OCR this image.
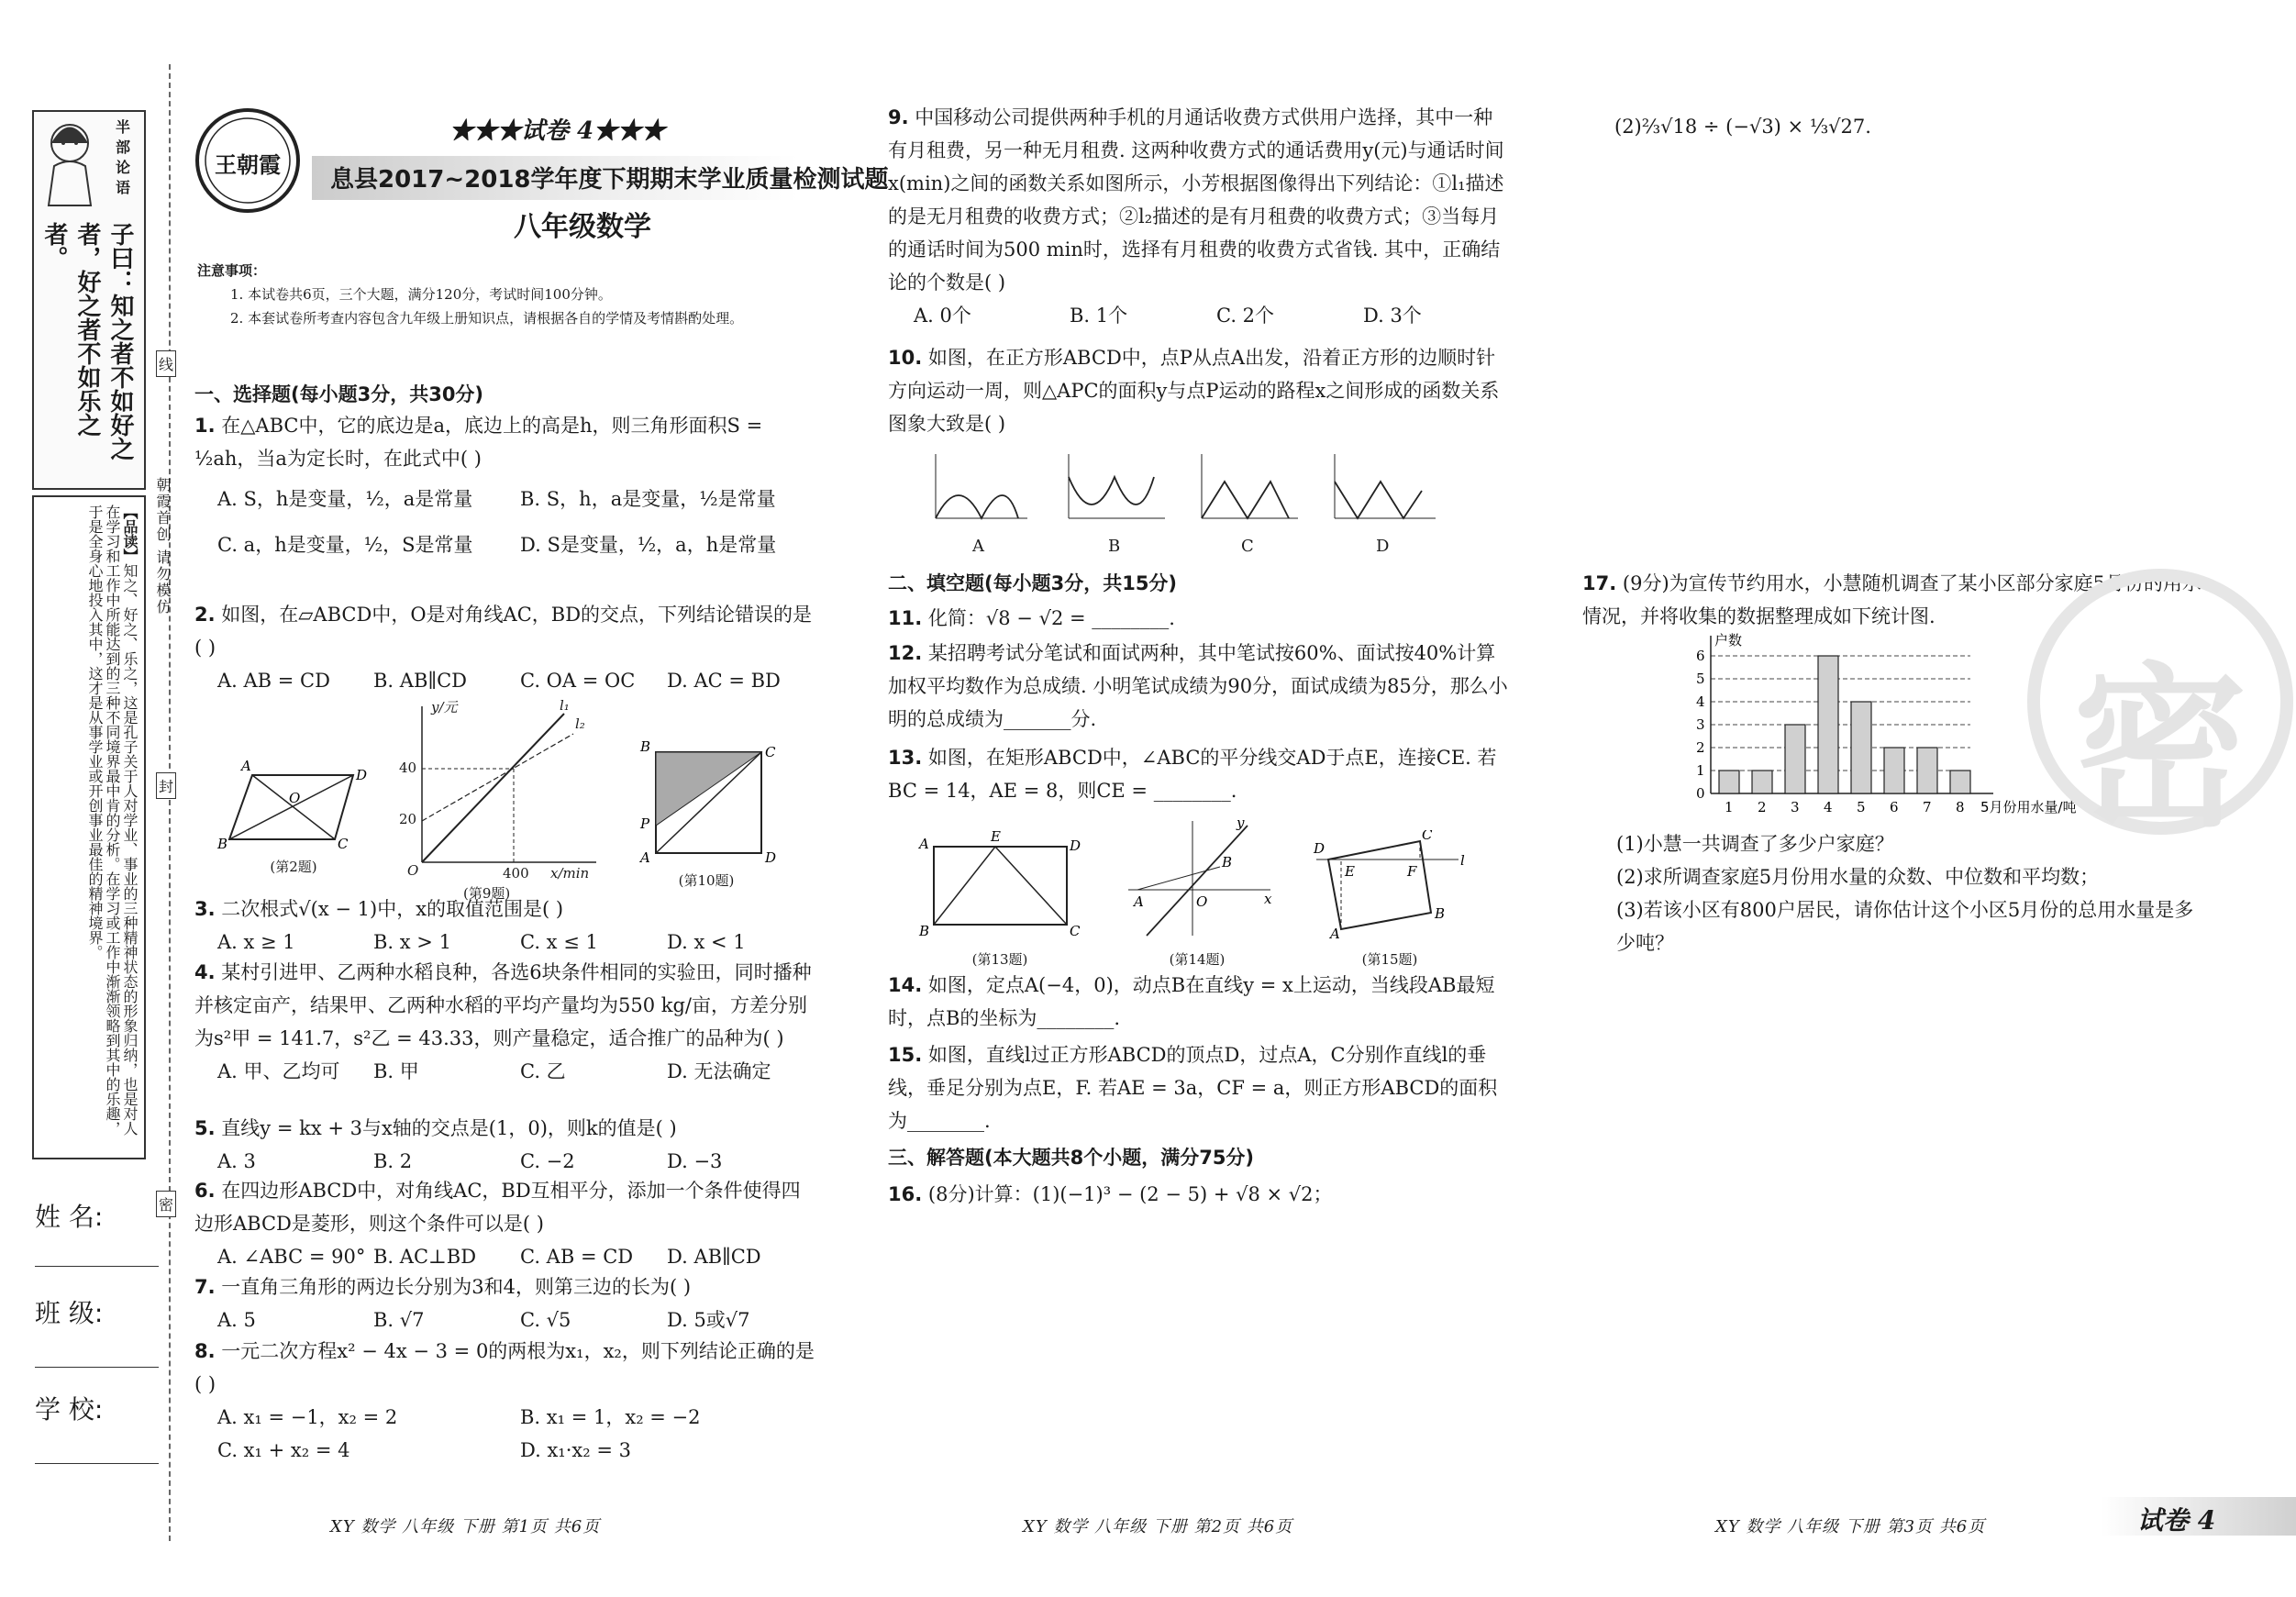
半
部
论
语
子曰：知之者不如好之者，好之者不如乐之者。
【品读】知之、好之、乐之，这是孔子关于人对学业、事业的三种精神状态的形象归纳，也是对人在学习和工作中所能达到的三种不同境界最中肯的分析。在学习或工作中渐渐领略到其中的乐趣，于是全身心地投入其中，这才是从事学业或开创事业最佳的精神境界。
线
封
密
朝霞首创 请勿模仿
姓 名:
班 级:
学 校:
王朝霞
★★★试卷 4★★★
息县2017~2018学年度下期期末学业质量检测试题
八年级数学
注意事项：
1. 本试卷共6页，三个大题，满分120分，考试时间100分钟。
2. 本套试卷所考查内容包含九年级上册知识点，请根据各自的学情及考情斟酌处理。
一、选择题(每小题3分，共30分)
1. 在△ABC中，它的底边是a，底边上的高是h，则三角形面积S = ½ah，当a为定长时，在此式中( )
A. S，h是变量，½，a是常量	B. S，h，a是变量，½是常量
C. a，h是变量，½，S是常量	D. S是变量，½，a，h是常量
2. 如图，在▱ABCD中，O是对角线AC，BD的交点，下列结论错误的是( )
A. AB = CD	B. AB∥CD	C. OA = OC	D. AC = BD
A
D
B	C
O
(第2题)
y/元	l₁
l₂
40
20
O	400 x/min
(第9题)
B	C
A	D
P
(第10题)
3. 二次根式√(x − 1)中，x的取值范围是( )
A. x ≥ 1	B. x > 1	C. x ≤ 1	D. x < 1
4. 某村引进甲、乙两种水稻良种，各选6块条件相同的实验田，同时播种并核定亩产，结果甲、乙两种水稻的平均产量均为550 kg/亩，方差分别为s²甲 = 141.7，s²乙 = 43.33，则产量稳定，适合推广的品种为( )
A. 甲、乙均可	B. 甲	C. 乙	D. 无法确定
5. 直线y = kx + 3与x轴的交点是(1，0)，则k的值是( )
A. 3	B. 2	C. −2	D. −3
6. 在四边形ABCD中，对角线AC，BD互相平分，添加一个条件使得四边形ABCD是菱形，则这个条件可以是( )
A. ∠ABC = 90° B. AC⊥BD	C. AB = CD	D. AB∥CD
7. 一直角三角形的两边长分别为3和4，则第三边的长为( )
A. 5	B. √7	C. √5	D. 5或√7
8. 一元二次方程x² − 4x − 3 = 0的两根为x₁，x₂，则下列结论正确的是( )
A. x₁ = −1，x₂ = 2	B. x₁ = 1，x₂ = −2
C. x₁ + x₂ = 4	D. x₁·x₂ = 3
9. 中国移动公司提供两种手机的月通话收费方式供用户选择，其中一种有月租费，另一种无月租费. 这两种收费方式的通话费用y(元)与通话时间x(min)之间的函数关系如图所示，小芳根据图像得出下列结论：①l₁描述的是无月租费的收费方式；②l₂描述的是有月租费的收费方式；③当每月的通话时间为500 min时，选择有月租费的收费方式省钱. 其中，正确结论的个数是( )
A. 0个	B. 1个	C. 2个	D. 3个
10. 如图，在正方形ABCD中，点P从点A出发，沿着正方形的边顺时针方向运动一周，则△APC的面积y与点P运动的路程x之间形成的函数关系图象大致是( )
A	B	C	D
二、填空题(每小题3分，共15分)
11. 化简：√8 − √2 = ________.
12. 某招聘考试分笔试和面试两种，其中笔试按60%、面试按40%计算加权平均数作为总成绩. 小明笔试成绩为90分，面试成绩为85分，那么小明的总成绩为_______分.
13. 如图，在矩形ABCD中，∠ABC的平分线交AD于点E，连接CE. 若BC = 14，AE = 8，则CE = ________.
A	E
D
B	C
(第13题)
y
x
A	O
B
(第14题)
D
C
E	F
A
B
l
(第15题)
14. 如图，定点A(−4，0)，动点B在直线y = x上运动，当线段AB最短时，点B的坐标为________.
15. 如图，直线l过正方形ABCD的顶点D，过点A，C分别作直线l的垂线，垂足分别为点E，F. 若AE = 3a，CF = a，则正方形ABCD的面积为________.
三、解答题(本大题共8个小题，满分75分)
16. (8分)计算：(1)(−1)³ − (2 − 5) + √8 × √2；
(2)⅔√18 ÷ (−√3) × ⅓√27.
17. (9分)为宣传节约用水，小慧随机调查了某小区部分家庭5月份的用水情况，并将收集的数据整理成如下统计图.
0
1
2
3
4
5
6
户数
1 2 3 4 5 6 7 8 5月份用水量/吨
(1)小慧一共调查了多少户家庭？
(2)求所调查家庭5月份用水量的众数、中位数和平均数；
(3)若该小区有800户居民，请你估计这个小区5月份的总用水量是多少吨？
密
XY 数学 八年级 下册 第1页 共6页	XY 数学 八年级 下册 第2页 共6页	XY 数学 八年级 下册 第3页 共6页	试卷 4
